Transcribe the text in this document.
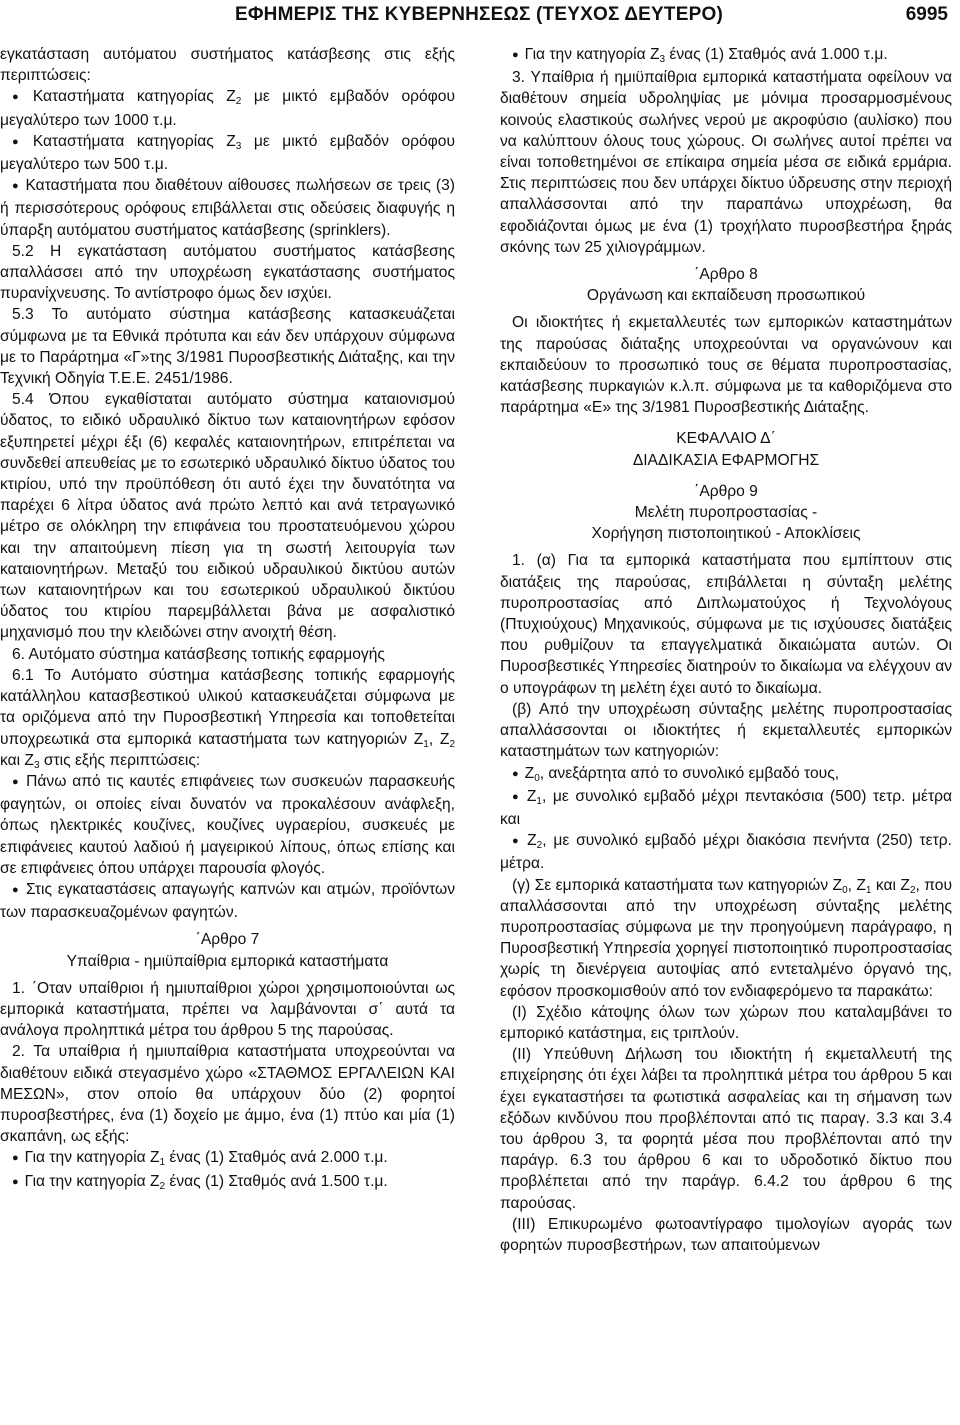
ΕΦΗΜΕΡΙΣ ΤΗΣ ΚΥΒΕΡΝΗΣΕΩΣ (ΤΕΥΧΟΣ ΔΕΥΤΕΡΟ)	6995

εγκατάσταση αυτόματου συστήματος κατάσβεσης στις εξής περιπτώσεις:

● Καταστήματα κατηγορίας $Z_2$ με μικτό εμβαδόν ορόφου μεγαλύτερο των 1000 τ.μ.

● Καταστήματα κατηγορίας $Z_3$ με μικτό εμβαδόν ορόφου μεγαλύτερο των 500 τ.μ.

● Καταστήματα που διαθέτουν αίθουσες πωλήσεων σε τρεις (3) ή περισσότερους ορόφους επιβάλλεται στις οδεύσεις διαφυγής η ύπαρξη αυτόματου συστήματος κατάσβεσης (sprinklers).

5.2 Η εγκατάσταση αυτόματου συστήματος κατάσβεσης απαλλάσσει από την υποχρέωση εγκατάστασης συστήματος πυρανίχνευσης. Το αντίστροφο όμως δεν ισχύει.

5.3 Το αυτόματο σύστημα κατάσβεσης κατασκευάζεται σύμφωνα με τα Εθνικά πρότυπα και εάν δεν υπάρχουν σύμφωνα με το Παράρτημα «Γ»της 3/1981 Πυροσβεστικής Διάταξης, και την Τεχνική Οδηγία Τ.Ε.Ε. 2451/1986.

5.4 Όπου εγκαθίσταται αυτόματο σύστημα καταιονισμού ύδατος, το ειδικό υδραυλικό δίκτυο των καταιονητήρων εφόσον εξυπηρετεί μέχρι έξι (6) κεφαλές καταιονητήρων, επιτρέπεται να συνδεθεί απευθείας με το εσωτερικό υδραυλικό δίκτυο ύδατος του κτιρίου, υπό την προϋπόθεση ότι αυτό έχει την δυνατότητα να παρέχει 6 λίτρα ύδατος ανά πρώτο λεπτό και ανά τετραγωνικό μέτρο σε ολόκληρη την επιφάνεια του προστατευόμενου χώρου και την απαιτούμενη πίεση για τη σωστή λειτουργία των καταιονητήρων. Μεταξύ του ειδικού υδραυλικού δικτύου αυτών των καταιονητήρων και του εσωτερικού υδραυλικού δικτύου ύδατος του κτιρίου παρεμβάλλεται βάνα με ασφαλιστικό μηχανισμό που την κλειδώνει στην ανοιχτή θέση.

6. Αυτόματο σύστημα κατάσβεσης τοπικής εφαρμογής

6.1 Το Αυτόματο σύστημα κατάσβεσης τοπικής εφαρμογής κατάλληλου κατασβεστικού υλικού κατασκευάζεται σύμφωνα με τα οριζόμενα από την Πυροσβεστική Υπηρεσία και τοποθετείται υποχρεωτικά στα εμπορικά καταστήματα των κατηγοριών $Z_1$, $Z_2$ και $Z_3$ στις εξής περιπτώσεις:

● Πάνω από τις καυτές επιφάνειες των συσκευών παρασκευής φαγητών, οι οποίες είναι δυνατόν να προκαλέσουν ανάφλεξη, όπως ηλεκτρικές κουζίνες, κουζίνες υγραερίου, συσκευές με επιφάνειες καυτού λαδιού ή μαγειρικού λίπους, όπως επίσης και σε επιφάνειες όπου υπάρχει παρουσία φλογός.

● Στις εγκαταστάσεις απαγωγής καπνών και ατμών, προϊόντων των παρασκευαζομένων φαγητών.

΄Αρθρο 7

Υπαίθρια ‑ ημιϋπαίθρια εμπορικά καταστήματα

1. ΄Οταν υπαίθριοι ή ημιυπαίθριοι χώροι χρησιμοποιούνται ως εμπορικά καταστήματα, πρέπει να λαμβάνονται σ΄ αυτά τα ανάλογα προληπτικά μέτρα του άρθρου 5 της παρούσας.

2. Τα υπαίθρια ή ημιυπαίθρια καταστήματα υποχρεούνται να διαθέτουν ειδικά στεγασμένο χώρο «ΣΤΑΘΜΟΣ ΕΡΓΑΛΕΙΩΝ ΚΑΙ ΜΕΣΩΝ», στον οποίο θα υπάρχουν δύο (2) φορητοί πυροσβεστήρες, ένα (1) δοχείο με άμμο, ένα (1) πτύο και μία (1) σκαπάνη, ως εξής:

● Για την κατηγορία $Z_1$ ένας (1) Σταθμός ανά 2.000 τ.μ.

● Για την κατηγορία $Z_2$ ένας (1) Σταθμός ανά 1.500 τ.μ.

● Για την κατηγορία $Z_3$ ένας (1) Σταθμός ανά 1.000 τ.μ.

3. Υπαίθρια ή ημιϋπαίθρια εμπορικά καταστήματα οφείλουν να διαθέτουν σημεία υδροληψίας με μόνιμα προσαρμοσμένους κοινούς ελαστικούς σωλήνες νερού με ακροφύσιο (αυλίσκο) που να καλύπτουν όλους τους χώρους. Οι σωλήνες αυτοί πρέπει να είναι τοποθετημένοι σε επίκαιρα σημεία μέσα σε ειδικά ερμάρια. Στις περιπτώσεις που δεν υπάρχει δίκτυο ύδρευσης στην περιοχή απαλλάσσονται από την παραπάνω υποχρέωση, θα εφοδιάζονται όμως με ένα (1) τροχήλατο πυροσβεστήρα ξηράς σκόνης των 25 χιλιογράμμων.

΄Αρθρο 8

Οργάνωση και εκπαίδευση προσωπικού

Οι ιδιοκτήτες ή εκμεταλλευτές των εμπορικών καταστημάτων της παρούσας διάταξης υποχρεούνται να οργανώνουν και εκπαιδεύουν το προσωπικό τους σε θέματα πυροπροστασίας, κατάσβεσης πυρκαγιών κ.λ.π. σύμφωνα με τα καθοριζόμενα στο παράρτημα «Ε» της 3/1981 Πυροσβεστικής Διάταξης.

ΚΕΦΑΛΑΙΟ Δ΄

ΔΙΑΔΙΚΑΣΙΑ ΕΦΑΡΜΟΓΗΣ

΄Αρθρο 9

Μελέτη πυροπροστασίας ‑

Χορήγηση πιστοποιητικού ‑ Αποκλίσεις

1. (α) Για τα εμπορικά καταστήματα που εμπίπτουν στις διατάξεις της παρούσας, επιβάλλεται η σύνταξη μελέτης πυροπροστασίας από Διπλωματούχος ή Τεχνολόγους (Πτυχιούχους) Μηχανικούς, σύμφωνα με τις ισχύουσες διατάξεις που ρυθμίζουν τα επαγγελματικά δικαιώματα αυτών. Οι Πυροσβεστικές Υπηρεσίες διατηρούν το δικαίωμα να ελέγχουν αν ο υπογράφων τη μελέτη έχει αυτό το δικαίωμα.

(β) Από την υποχρέωση σύνταξης μελέτης πυροπροστασίας απαλλάσσονται οι ιδιοκτήτες ή εκμεταλλευτές εμπορικών καταστημάτων των κατηγοριών:

● $Z_0$, ανεξάρτητα από το συνολικό εμβαδό τους,

● $Z_1$, με συνολικό εμβαδό μέχρι πεντακόσια (500) τετρ. μέτρα και

● $Z_2$, με συνολικό εμβαδό μέχρι διακόσια πενήντα (250) τετρ. μέτρα.

(γ) Σε εμπορικά καταστήματα των κατηγοριών $Z_0$, $Z_1$ και $Z_2$, που απαλλάσσονται από την υποχρέωση σύνταξης μελέτης πυροπροστασίας σύμφωνα με την προηγούμενη παράγραφο, η Πυροσβεστική Υπηρεσία χορηγεί πιστοποιητικό πυροπροστασίας χωρίς τη διενέργεια αυτοψίας από εντεταλμένο όργανό της, εφόσον προσκομισθούν από τον ενδιαφερόμενο τα παρακάτω:

(Ι) Σχέδιο κάτοψης όλων των χώρων που καταλαμβάνει το εμπορικό κατάστημα, εις τριπλούν.

(ΙΙ) Υπεύθυνη Δήλωση του ιδιοκτήτη ή εκμεταλλευτή της επιχείρησης ότι έχει λάβει τα προληπτικά μέτρα του άρθρου 5 και έχει εγκαταστήσει τα φωτιστικά ασφαλείας και τη σήμανση των εξόδων κινδύνου που προβλέπονται από τις παραγ. 3.3 και 3.4 του άρθρου 3, τα φορητά μέσα που προβλέπονται από την παράγρ. 6.3 του άρθρου 6 και το υδροδοτικό δίκτυο που προβλέπεται από την παράγρ. 6.4.2 του άρθρου 6 της παρούσας.

(ΙΙΙ) Επικυρωμένο φωτοαντίγραφο τιμολογίων αγοράς των φορητών πυροσβεστήρων, των απαιτούμενων
